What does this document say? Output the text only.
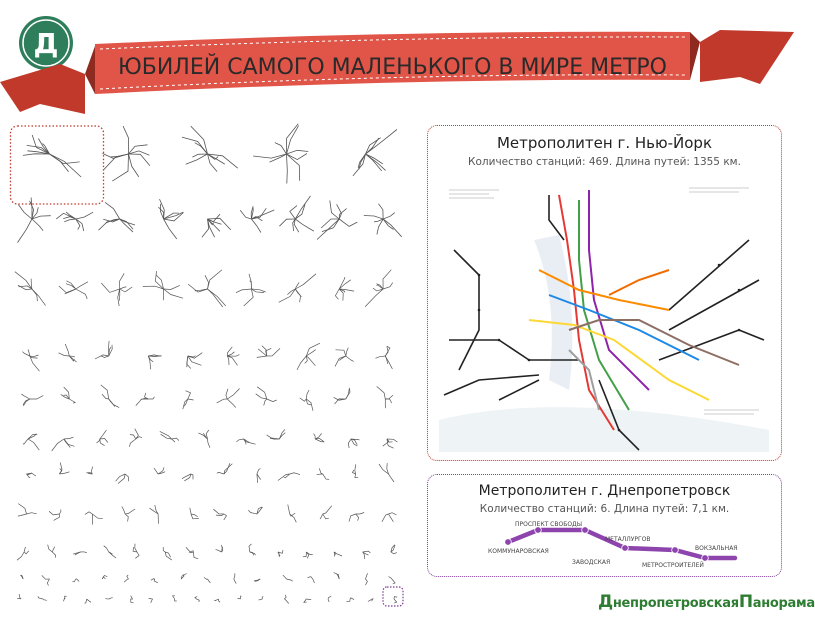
Д
ЮБИЛЕЙ САМОГО МАЛЕНЬКОГО В МИРЕ МЕТРО
Метрополитен г. Нью-Йорк
Количество станций: 469. Длина путей: 1355 км.
Метрополитен г. Днепропетровск
Количество станций: 6. Длина путей: 7,1 км.
КОММУНАРОВСКАЯ
ПРОСПЕКТ СВОБОДЫ
ЗАВОДСКАЯ
МЕТАЛЛУРГОВ
МЕТРОСТРОИТЕЛЕЙ
ВОКЗАЛЬНАЯ
ДнепропетровскаяПанорама
